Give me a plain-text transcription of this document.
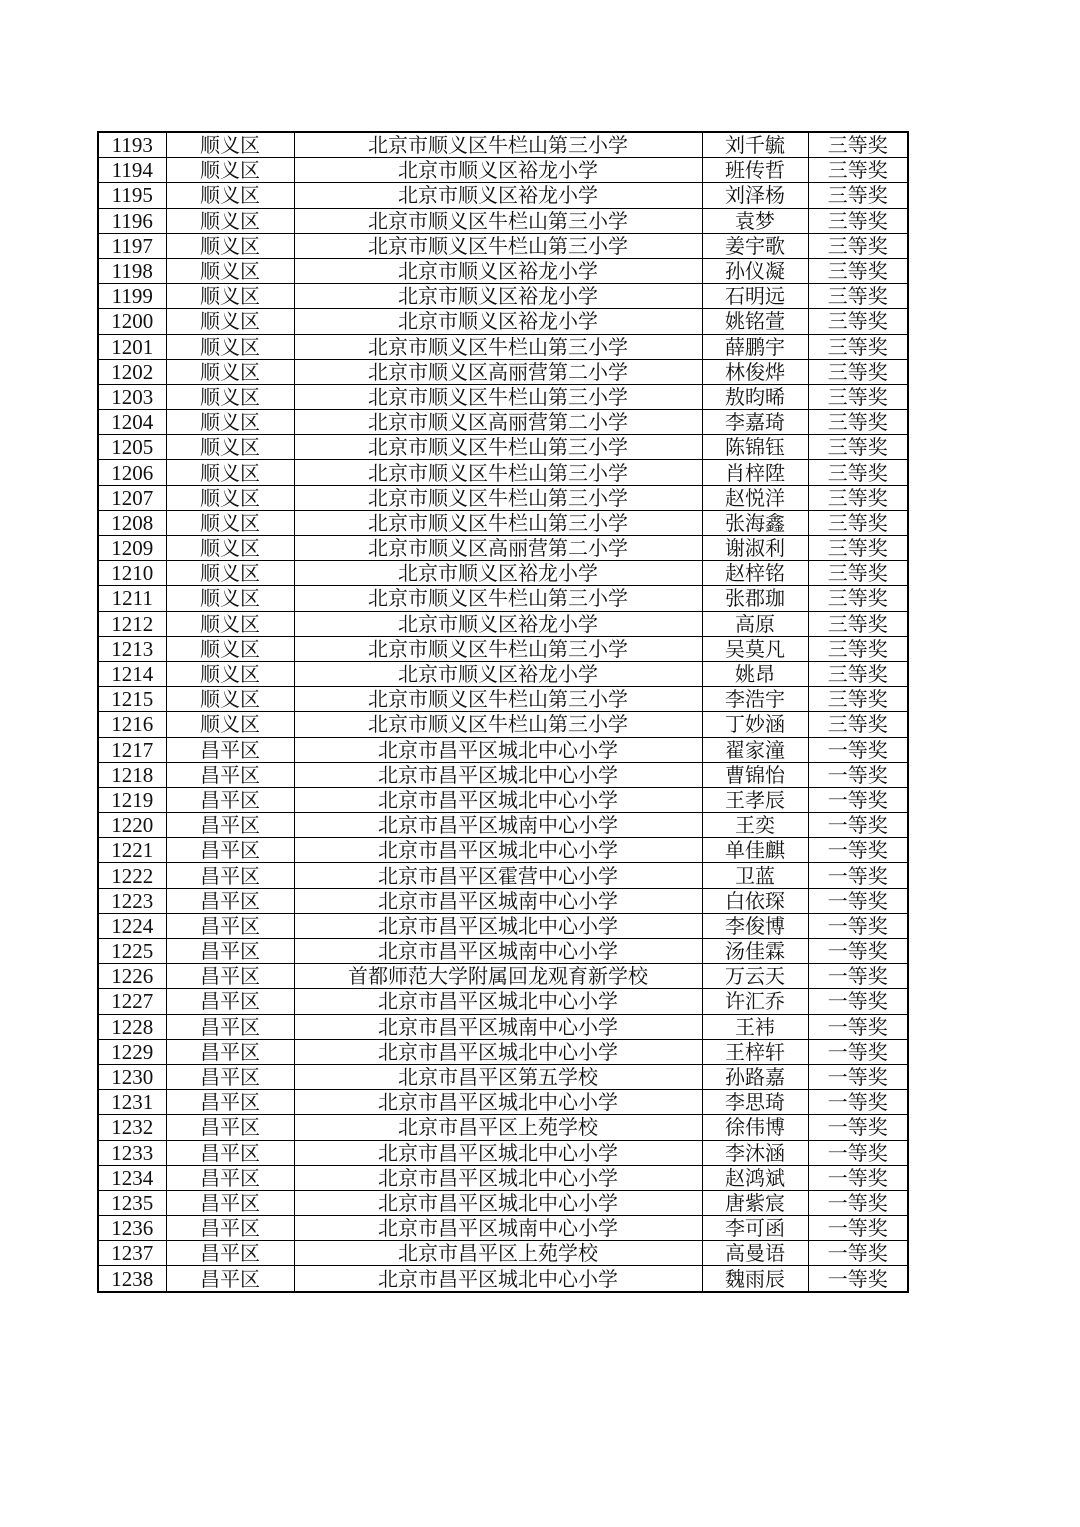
1193	顺义区	北京市顺义区牛栏山第三小学	刘千毓	三等奖
1194	顺义区	北京市顺义区裕龙小学	班传哲	三等奖
1195	顺义区	北京市顺义区裕龙小学	刘泽杨	三等奖
1196	顺义区	北京市顺义区牛栏山第三小学	袁梦	三等奖
1197	顺义区	北京市顺义区牛栏山第三小学	姜宇歌	三等奖
1198	顺义区	北京市顺义区裕龙小学	孙仪凝	三等奖
1199	顺义区	北京市顺义区裕龙小学	石明远	三等奖
1200	顺义区	北京市顺义区裕龙小学	姚铭萱	三等奖
1201	顺义区	北京市顺义区牛栏山第三小学	薛鹏宇	三等奖
1202	顺义区	北京市顺义区高丽营第二小学	林俊烨	三等奖
1203	顺义区	北京市顺义区牛栏山第三小学	敖昀晞	三等奖
1204	顺义区	北京市顺义区高丽营第二小学	李嘉琦	三等奖
1205	顺义区	北京市顺义区牛栏山第三小学	陈锦钰	三等奖
1206	顺义区	北京市顺义区牛栏山第三小学	肖梓陞	三等奖
1207	顺义区	北京市顺义区牛栏山第三小学	赵悦洋	三等奖
1208	顺义区	北京市顺义区牛栏山第三小学	张海鑫	三等奖
1209	顺义区	北京市顺义区高丽营第二小学	谢淑利	三等奖
1210	顺义区	北京市顺义区裕龙小学	赵梓铭	三等奖
1211	顺义区	北京市顺义区牛栏山第三小学	张郡珈	三等奖
1212	顺义区	北京市顺义区裕龙小学	高原	三等奖
1213	顺义区	北京市顺义区牛栏山第三小学	吴莫凡	三等奖
1214	顺义区	北京市顺义区裕龙小学	姚昂	三等奖
1215	顺义区	北京市顺义区牛栏山第三小学	李浩宇	三等奖
1216	顺义区	北京市顺义区牛栏山第三小学	丁妙涵	三等奖
1217	昌平区	北京市昌平区城北中心小学	翟家潼	一等奖
1218	昌平区	北京市昌平区城北中心小学	曹锦怡	一等奖
1219	昌平区	北京市昌平区城北中心小学	王孝辰	一等奖
1220	昌平区	北京市昌平区城南中心小学	王奕	一等奖
1221	昌平区	北京市昌平区城北中心小学	单佳麒	一等奖
1222	昌平区	北京市昌平区霍营中心小学	卫蓝	一等奖
1223	昌平区	北京市昌平区城南中心小学	白依琛	一等奖
1224	昌平区	北京市昌平区城北中心小学	李俊博	一等奖
1225	昌平区	北京市昌平区城南中心小学	汤佳霖	一等奖
1226	昌平区	首都师范大学附属回龙观育新学校	万云天	一等奖
1227	昌平区	北京市昌平区城北中心小学	许汇乔	一等奖
1228	昌平区	北京市昌平区城南中心小学	王袆	一等奖
1229	昌平区	北京市昌平区城北中心小学	王梓轩	一等奖
1230	昌平区	北京市昌平区第五学校	孙路嘉	一等奖
1231	昌平区	北京市昌平区城北中心小学	李思琦	一等奖
1232	昌平区	北京市昌平区上苑学校	徐伟博	一等奖
1233	昌平区	北京市昌平区城北中心小学	李沐涵	一等奖
1234	昌平区	北京市昌平区城北中心小学	赵鸿斌	一等奖
1235	昌平区	北京市昌平区城北中心小学	唐紫宸	一等奖
1236	昌平区	北京市昌平区城南中心小学	李可函	一等奖
1237	昌平区	北京市昌平区上苑学校	高曼语	一等奖
1238	昌平区	北京市昌平区城北中心小学	魏雨辰	一等奖
